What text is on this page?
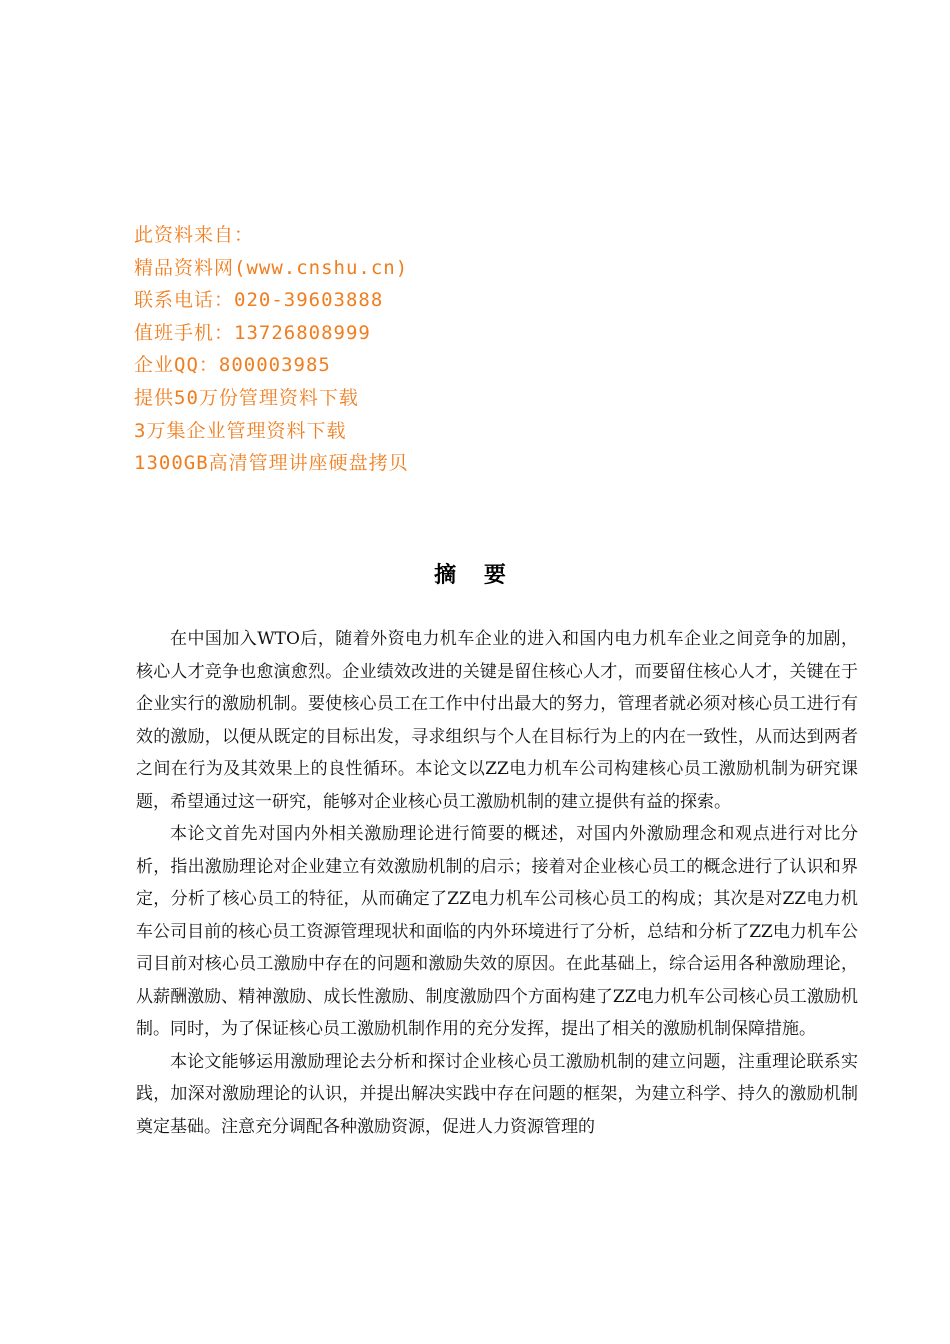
此资料来自：
精品资料网(www.cnshu.cn)
联系电话：020-39603888
值班手机：13726808999
企业QQ：800003985
提供50万份管理资料下载
3万集企业管理资料下载
1300GB高清管理讲座硬盘拷贝
摘 要

在中国加入WTO后，随着外资电力机车企业的进入和国内电力机车企业之间竞争的加剧，核心人才竞争也愈演愈烈。企业绩效改进的关键是留住核心人才，而要留住核心人才，关键在于企业实行的激励机制。要使核心员工在工作中付出最大的努力，管理者就必须对核心员工进行有效的激励，以便从既定的目标出发，寻求组织与个人在目标行为上的内在一致性，从而达到两者之间在行为及其效果上的良性循环。本论文以ZZ电力机车公司构建核心员工激励机制为研究课题，希望通过这一研究，能够对企业核心员工激励机制的建立提供有益的探索。

本论文首先对国内外相关激励理论进行简要的概述，对国内外激励理念和观点进行对比分析，指出激励理论对企业建立有效激励机制的启示；接着对企业核心员工的概念进行了认识和界定，分析了核心员工的特征，从而确定了ZZ电力机车公司核心员工的构成；其次是对ZZ电力机车公司目前的核心员工资源管理现状和面临的内外环境进行了分析，总结和分析了ZZ电力机车公司目前对核心员工激励中存在的问题和激励失效的原因。在此基础上，综合运用各种激励理论，从薪酬激励、精神激励、成长性激励、制度激励四个方面构建了ZZ电力机车公司核心员工激励机制。同时，为了保证核心员工激励机制作用的充分发挥，提出了相关的激励机制保障措施。

本论文能够运用激励理论去分析和探讨企业核心员工激励机制的建立问题，注重理论联系实践，加深对激励理论的认识，并提出解决实践中存在问题的框架，为建立科学、持久的激励机制奠定基础。注意充分调配各种激励资源，促进人力资源管理的
